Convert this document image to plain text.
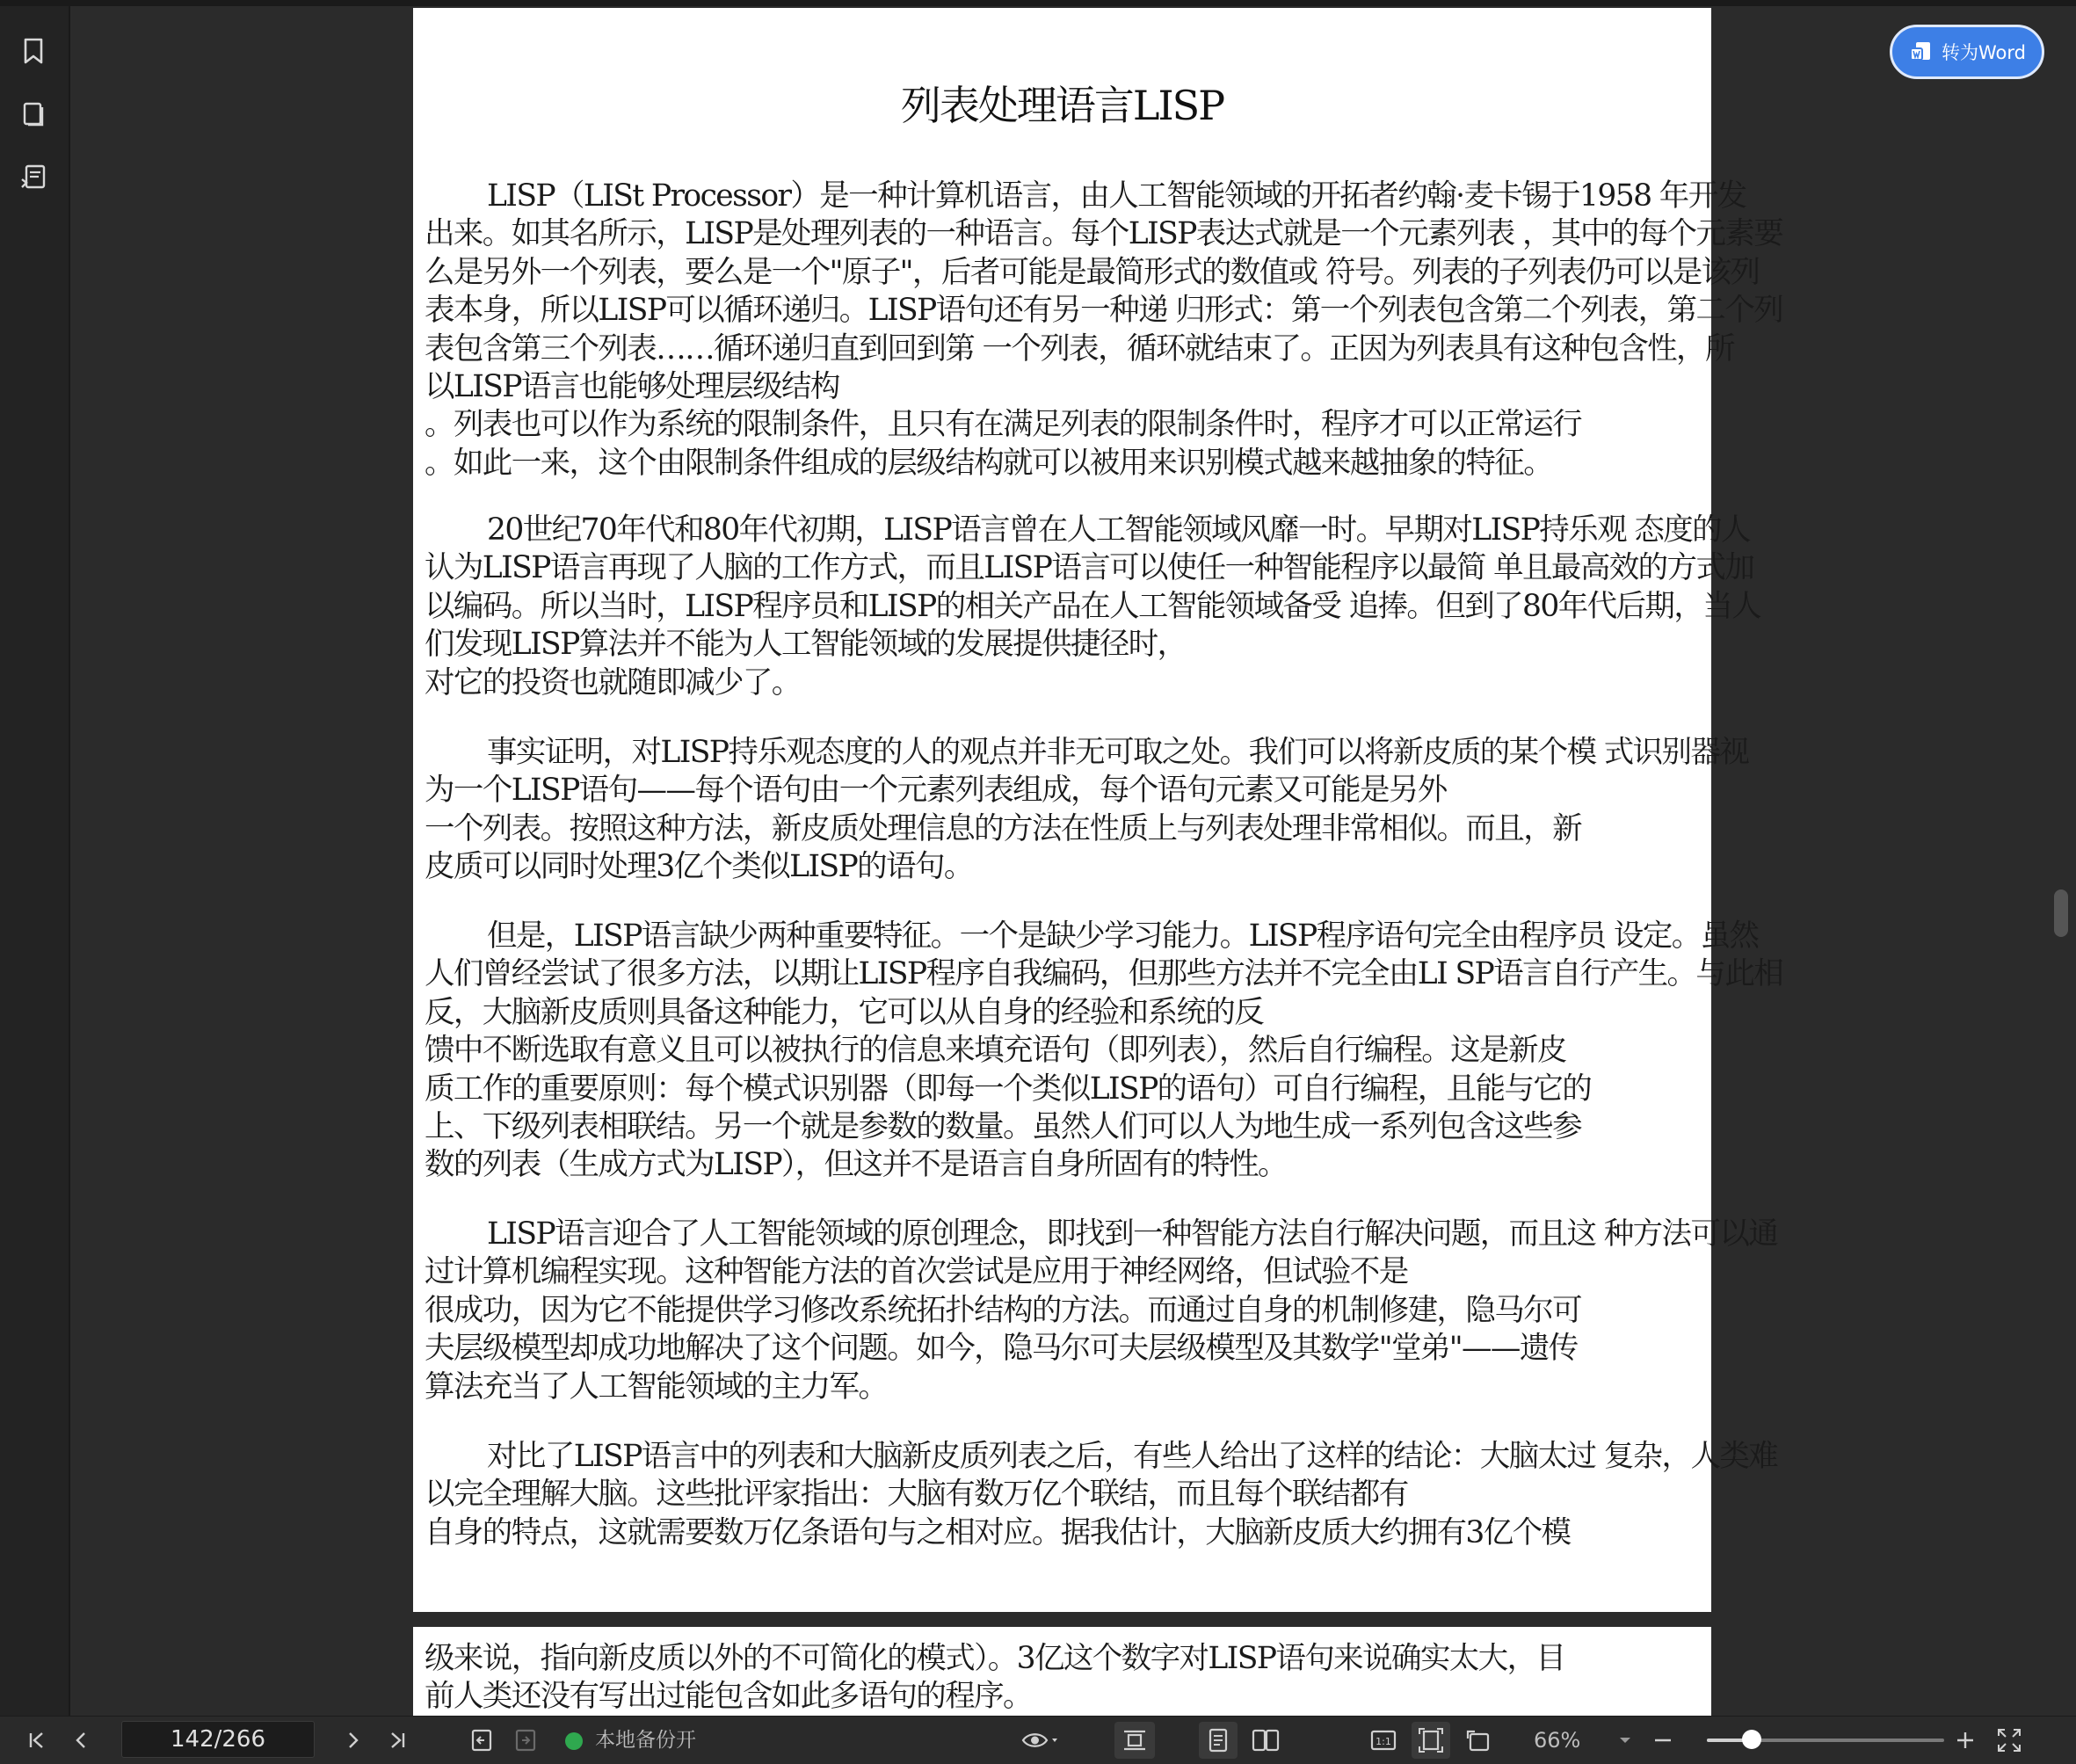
列表处理语言LISP
LISP（LISt Processor）是一种计算机语言，由人工智能领域的开拓者约翰·麦卡锡于1958 年开发
出来。如其名所示，LISP是处理列表的一种语言。每个LISP表达式就是一个元素列表 ，其中的每个元素要
么是另外一个列表，要么是一个"原子"，后者可能是最简形式的数值或 符号。列表的子列表仍可以是该列
表本身，所以LISP可以循环递归。LISP语句还有另一种递 归形式：第一个列表包含第二个列表，第二个列
表包含第三个列表……循环递归直到回到第 一个列表，循环就结束了。正因为列表具有这种包含性，所
以LISP语言也能够处理层级结构
。列表也可以作为系统的限制条件，且只有在满足列表的限制条件时，程序才可以正常运行
。如此一来，这个由限制条件组成的层级结构就可以被用来识别模式越来越抽象的特征。
20世纪70年代和80年代初期，LISP语言曾在人工智能领域风靡一时。早期对LISP持乐观 态度的人
认为LISP语言再现了人脑的工作方式，而且LISP语言可以使任一种智能程序以最简 单且最高效的方式加
以编码。所以当时，LISP程序员和LISP的相关产品在人工智能领域备受 追捧。但到了80年代后期，当人
们发现LISP算法并不能为人工智能领域的发展提供捷径时，
对它的投资也就随即减少了。
事实证明，对LISP持乐观态度的人的观点并非无可取之处。我们可以将新皮质的某个模 式识别器视
为一个LISP语句——每个语句由一个元素列表组成，每个语句元素又可能是另外
一个列表。按照这种方法，新皮质处理信息的方法在性质上与列表处理非常相似。而且，新
皮质可以同时处理3亿个类似LISP的语句。
但是，LISP语言缺少两种重要特征。一个是缺少学习能力。LISP程序语句完全由程序员 设定。虽然
人们曾经尝试了很多方法，以期让LISP程序自我编码，但那些方法并不完全由LI SP语言自行产生。与此相
反，大脑新皮质则具备这种能力，它可以从自身的经验和系统的反
馈中不断选取有意义且可以被执行的信息来填充语句（即列表），然后自行编程。这是新皮
质工作的重要原则：每个模式识别器（即每一个类似LISP的语句）可自行编程，且能与它的
上、下级列表相联结。另一个就是参数的数量。虽然人们可以人为地生成一系列包含这些参
数的列表（生成方式为LISP），但这并不是语言自身所固有的特性。
LISP语言迎合了人工智能领域的原创理念，即找到一种智能方法自行解决问题，而且这 种方法可以通
过计算机编程实现。这种智能方法的首次尝试是应用于神经网络，但试验不是
很成功，因为它不能提供学习修改系统拓扑结构的方法。而通过自身的机制修建，隐马尔可
夫层级模型却成功地解决了这个问题。如今，隐马尔可夫层级模型及其数学"堂弟"——遗传
算法充当了人工智能领域的主力军。
对比了LISP语言中的列表和大脑新皮质列表之后，有些人给出了这样的结论：大脑太过 复杂，人类难
以完全理解大脑。这些批评家指出：大脑有数万亿个联结，而且每个联结都有
自身的特点，这就需要数万亿条语句与之相对应。据我估计，大脑新皮质大约拥有3亿个模
级来说，指向新皮质以外的不可简化的模式）。3亿这个数字对LISP语句来说确实太大，目
前人类还没有写出过能包含如此多语句的程序。
转为Word
142/266	本地备份开	1:1	66%
